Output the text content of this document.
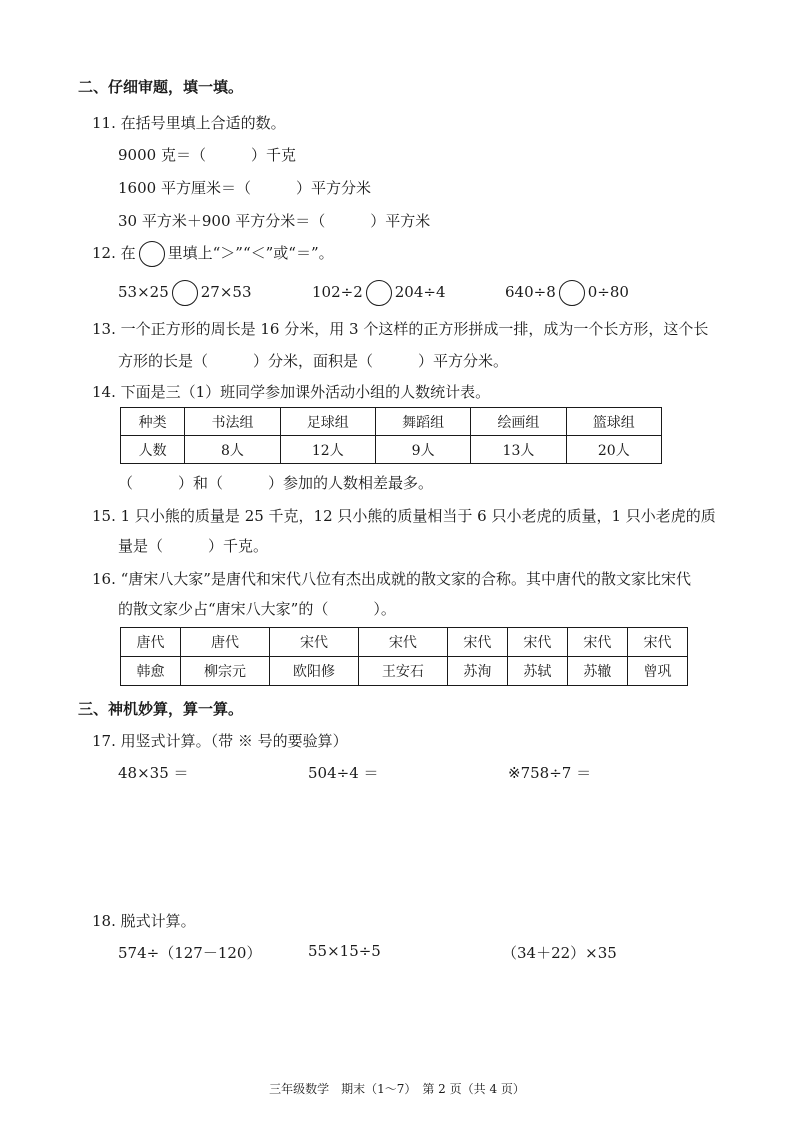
二、仔细审题，填一填。
11. 在括号里填上合适的数。
9000 克＝（　　　）千克
1600 平方厘米＝（　　　）平方分米
30 平方米＋900 平方分米＝（　　　）平方米
12. 在 里填上“＞”“＜”或“＝”。
53×25 27×53	102÷2 204÷4	640÷8 0÷80
13. 一个正方形的周长是 16 分米，用 3 个这样的正方形拼成一排，成为一个长方形，这个长
方形的长是（　　　）分米，面积是（　　　）平方分米。
14. 下面是三（1）班同学参加课外活动小组的人数统计表。
种类	书法组	足球组	舞蹈组	绘画组	篮球组
人数	8人	12人	9人	13人	20人
（　　　）和（　　　）参加的人数相差最多。
15. 1 只小熊的质量是 25 千克，12 只小熊的质量相当于 6 只小老虎的质量，1 只小老虎的质
量是（　　　）千克。
16. “唐宋八大家”是唐代和宋代八位有杰出成就的散文家的合称。其中唐代的散文家比宋代
的散文家少占“唐宋八大家”的（　　　）。
唐代	唐代	宋代	宋代	宋代	宋代	宋代	宋代
韩愈	柳宗元	欧阳修	王安石	苏洵	苏轼	苏辙	曾巩
三、神机妙算，算一算。
17. 用竖式计算。（带 ※ 号的要验算）
48×35 ＝	504÷4 ＝	※758÷7 ＝
18. 脱式计算。
574÷（127－120）	55×15÷5	（34＋22）×35
三年级数学　期末（1～7）　第 2 页（共 4 页）
